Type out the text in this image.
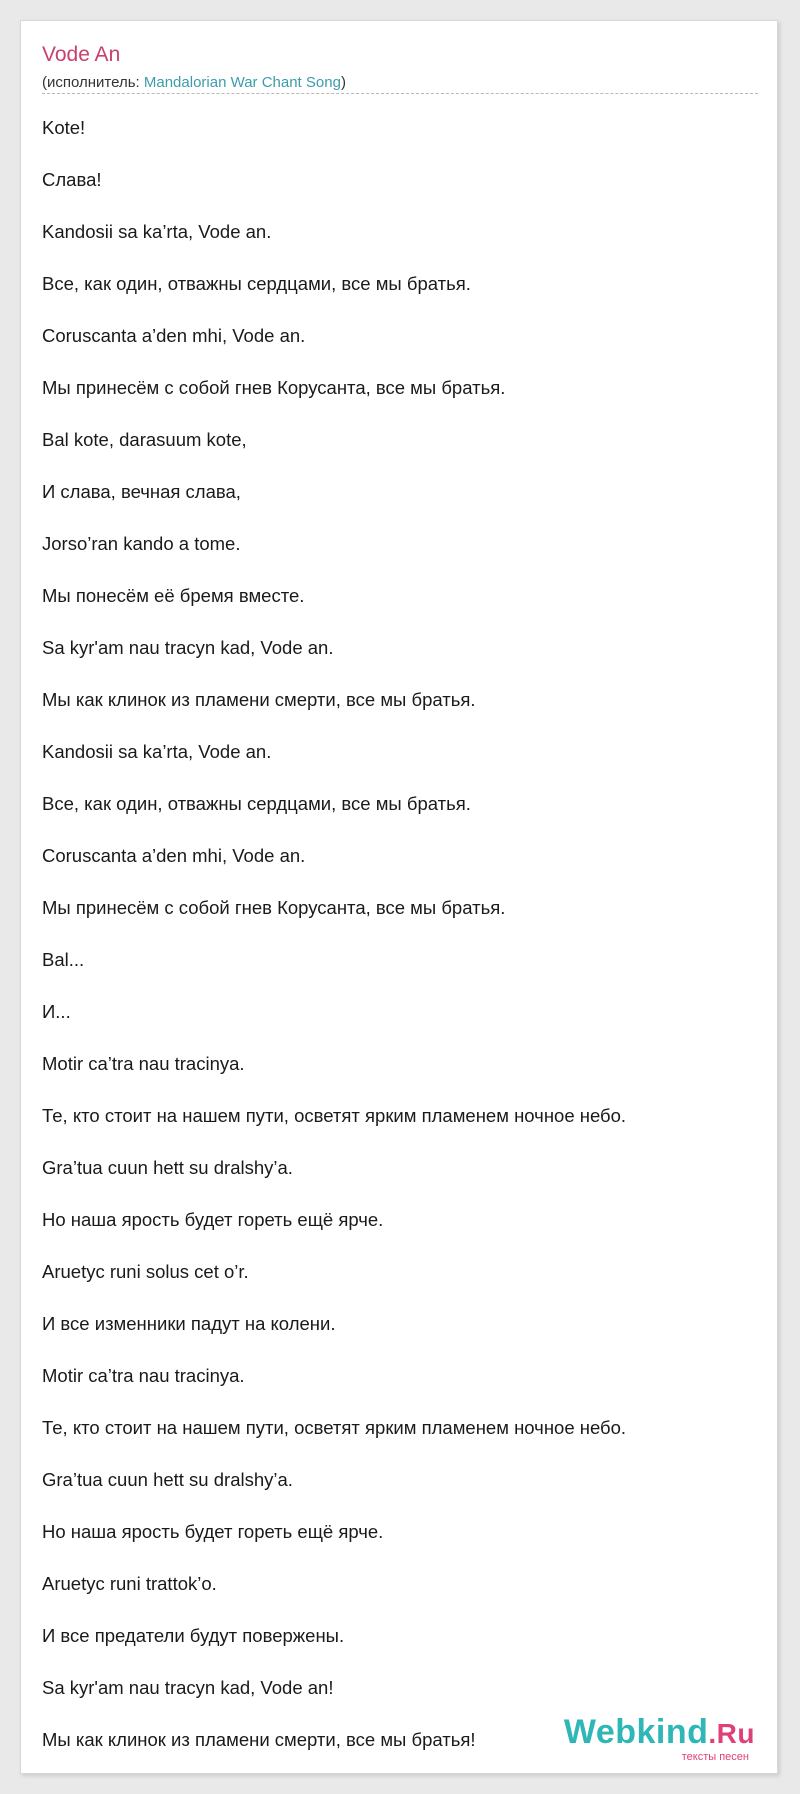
Vode An
(исполнитель: Mandalorian War Chant Song)
Kote!
Слава!
Kandosii sa ka’rta, Vode an.
Все, как один, отважны сердцами, все мы братья.
Coruscanta a’den mhi, Vode an.
Мы принесём с собой гнев Корусанта, все мы братья.
Bal kote, darasuum kote,
И слава, вечная слава,
Jorso’ran kando a tome.
Мы понесём её бремя вместе.
Sa kyr'am nau tracyn kad, Vode an.
Мы как клинок из пламени смерти, все мы братья.
Kandosii sa ka’rta, Vode an.
Все, как один, отважны сердцами, все мы братья.
Coruscanta a’den mhi, Vode an.
Мы принесём с собой гнев Корусанта, все мы братья.
Bal...
И...
Motir ca’tra nau tracinya.
Те, кто стоит на нашем пути, осветят ярким пламенем ночное небо.
Gra’tua cuun hett su dralshy’a.
Но наша ярость будет гореть ещё ярче.
Aruetyc runi solus cet o’r.
И все изменники падут на колени.
Motir ca’tra nau tracinya.
Те, кто стоит на нашем пути, осветят ярким пламенем ночное небо.
Gra’tua cuun hett su dralshy’a.
Но наша ярость будет гореть ещё ярче.
Aruetyc runi trattok’o.
И все предатели будут повержены.
Sa kyr'am nau tracyn kad, Vode an!
Мы как клинок из пламени смерти, все мы братья!	Webkind.Ru
тексты песен
